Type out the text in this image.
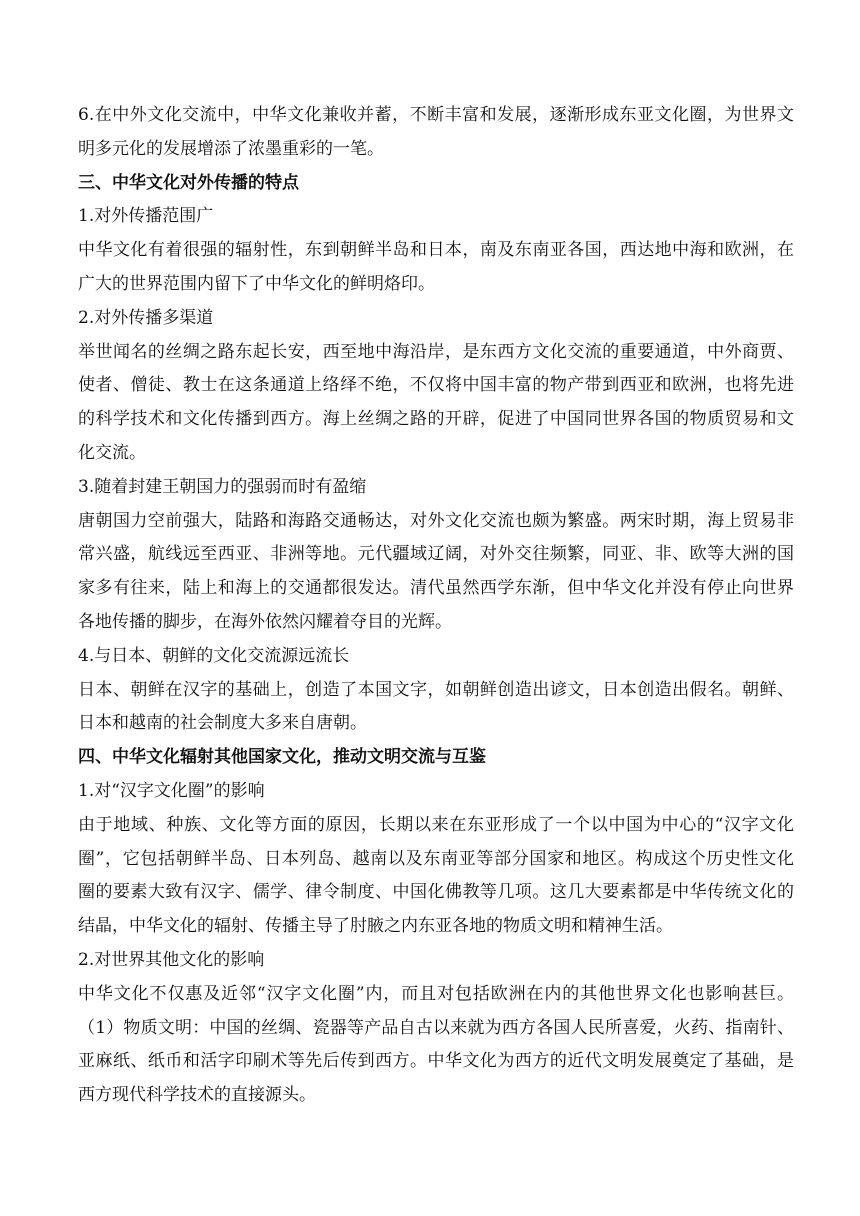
6.在中外文化交流中，中华文化兼收并蓄，不断丰富和发展，逐渐形成东亚文化圈，为世界文
明多元化的发展增添了浓墨重彩的一笔。
三、中华文化对外传播的特点
1.对外传播范围广
中华文化有着很强的辐射性，东到朝鲜半岛和日本，南及东南亚各国，西达地中海和欧洲，在
广大的世界范围内留下了中华文化的鲜明烙印。
2.对外传播多渠道
举世闻名的丝绸之路东起长安，西至地中海沿岸，是东西方文化交流的重要通道，中外商贾、
使者、僧徒、教士在这条通道上络绎不绝，不仅将中国丰富的物产带到西亚和欧洲，也将先进
的科学技术和文化传播到西方。海上丝绸之路的开辟，促进了中国同世界各国的物质贸易和文
化交流。
3.随着封建王朝国力的强弱而时有盈缩
唐朝国力空前强大，陆路和海路交通畅达，对外文化交流也颇为繁盛。两宋时期，海上贸易非
常兴盛，航线远至西亚、非洲等地。元代疆域辽阔，对外交往频繁，同亚、非、欧等大洲的国
家多有往来，陆上和海上的交通都很发达。清代虽然西学东渐，但中华文化并没有停止向世界
各地传播的脚步，在海外依然闪耀着夺目的光辉。
4.与日本、朝鲜的文化交流源远流长
日本、朝鲜在汉字的基础上，创造了本国文字，如朝鲜创造出谚文，日本创造出假名。朝鲜、
日本和越南的社会制度大多来自唐朝。
四、中华文化辐射其他国家文化，推动文明交流与互鉴
1.对“汉字文化圈”的影响
由于地域、种族、文化等方面的原因，长期以来在东亚形成了一个以中国为中心的“汉字文化
圈”，它包括朝鲜半岛、日本列岛、越南以及东南亚等部分国家和地区。构成这个历史性文化
圈的要素大致有汉字、儒学、律令制度、中国化佛教等几项。这几大要素都是中华传统文化的
结晶，中华文化的辐射、传播主导了肘腋之内东亚各地的物质文明和精神生活。
2.对世界其他文化的影响
中华文化不仅惠及近邻“汉字文化圈”内，而且对包括欧洲在内的其他世界文化也影响甚巨。
（1）物质文明：中国的丝绸、瓷器等产品自古以来就为西方各国人民所喜爱，火药、指南针、
亚麻纸、纸币和活字印刷术等先后传到西方。中华文化为西方的近代文明发展奠定了基础，是
西方现代科学技术的直接源头。
